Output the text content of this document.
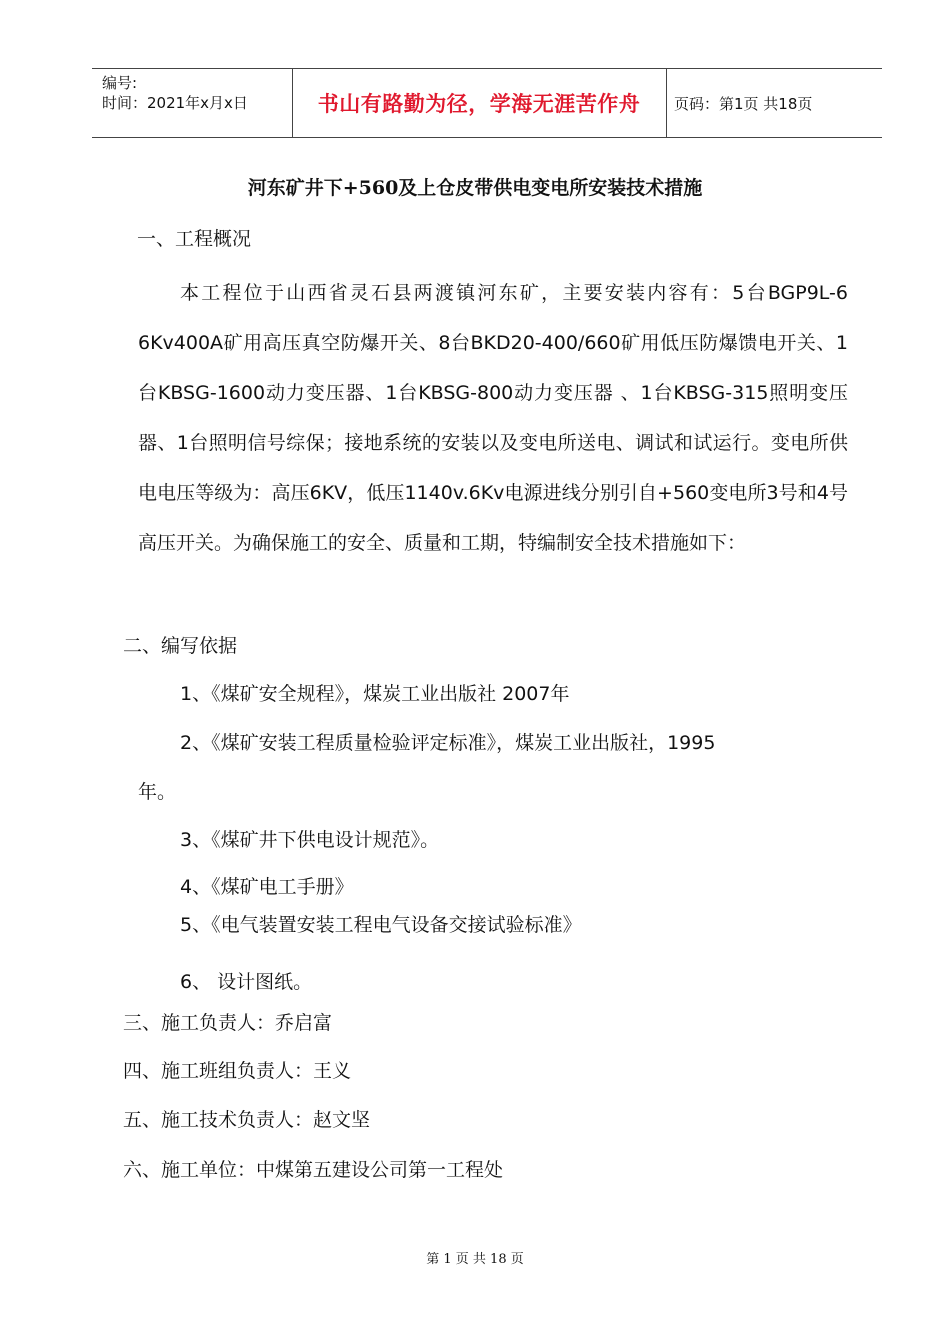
编号:
时间：2021年x月x日	书山有路勤为径，学海无涯苦作舟	页码：第1页 共18页
河东矿井下+560及上仓皮带供电变电所安装技术措施
一、工程概况
本工程位于山西省灵石县两渡镇河东矿，主要安装内容有：5台BGP9L-6 6Kv400A矿用高压真空防爆开关、8台BKD20-400/660矿用低压防爆馈电开关、1台KBSG-1600动力变压器、1台KBSG-800动力变压器 、1台KBSG-315照明变压器、1台照明信号综保；接地系统的安装以及变电所送电、调试和试运行。变电所供电电压等级为：高压6KV，低压1140v.6Kv电源进线分别引自+560变电所3号和4号高压开关。为确保施工的安全、质量和工期，特编制安全技术措施如下：
二、编写依据
1、《煤矿安全规程》，煤炭工业出版社 2007年
2、《煤矿安装工程质量检验评定标准》，煤炭工业出版社，1995
年。
3、《煤矿井下供电设计规范》。
4、《煤矿电工手册》
5、《电气装置安装工程电气设备交接试验标准》
6、 设计图纸。
三、施工负责人：乔启富
四、施工班组负责人：王义
五、施工技术负责人：赵文坚
六、施工单位：中煤第五建设公司第一工程处
第 1 页 共 18 页
